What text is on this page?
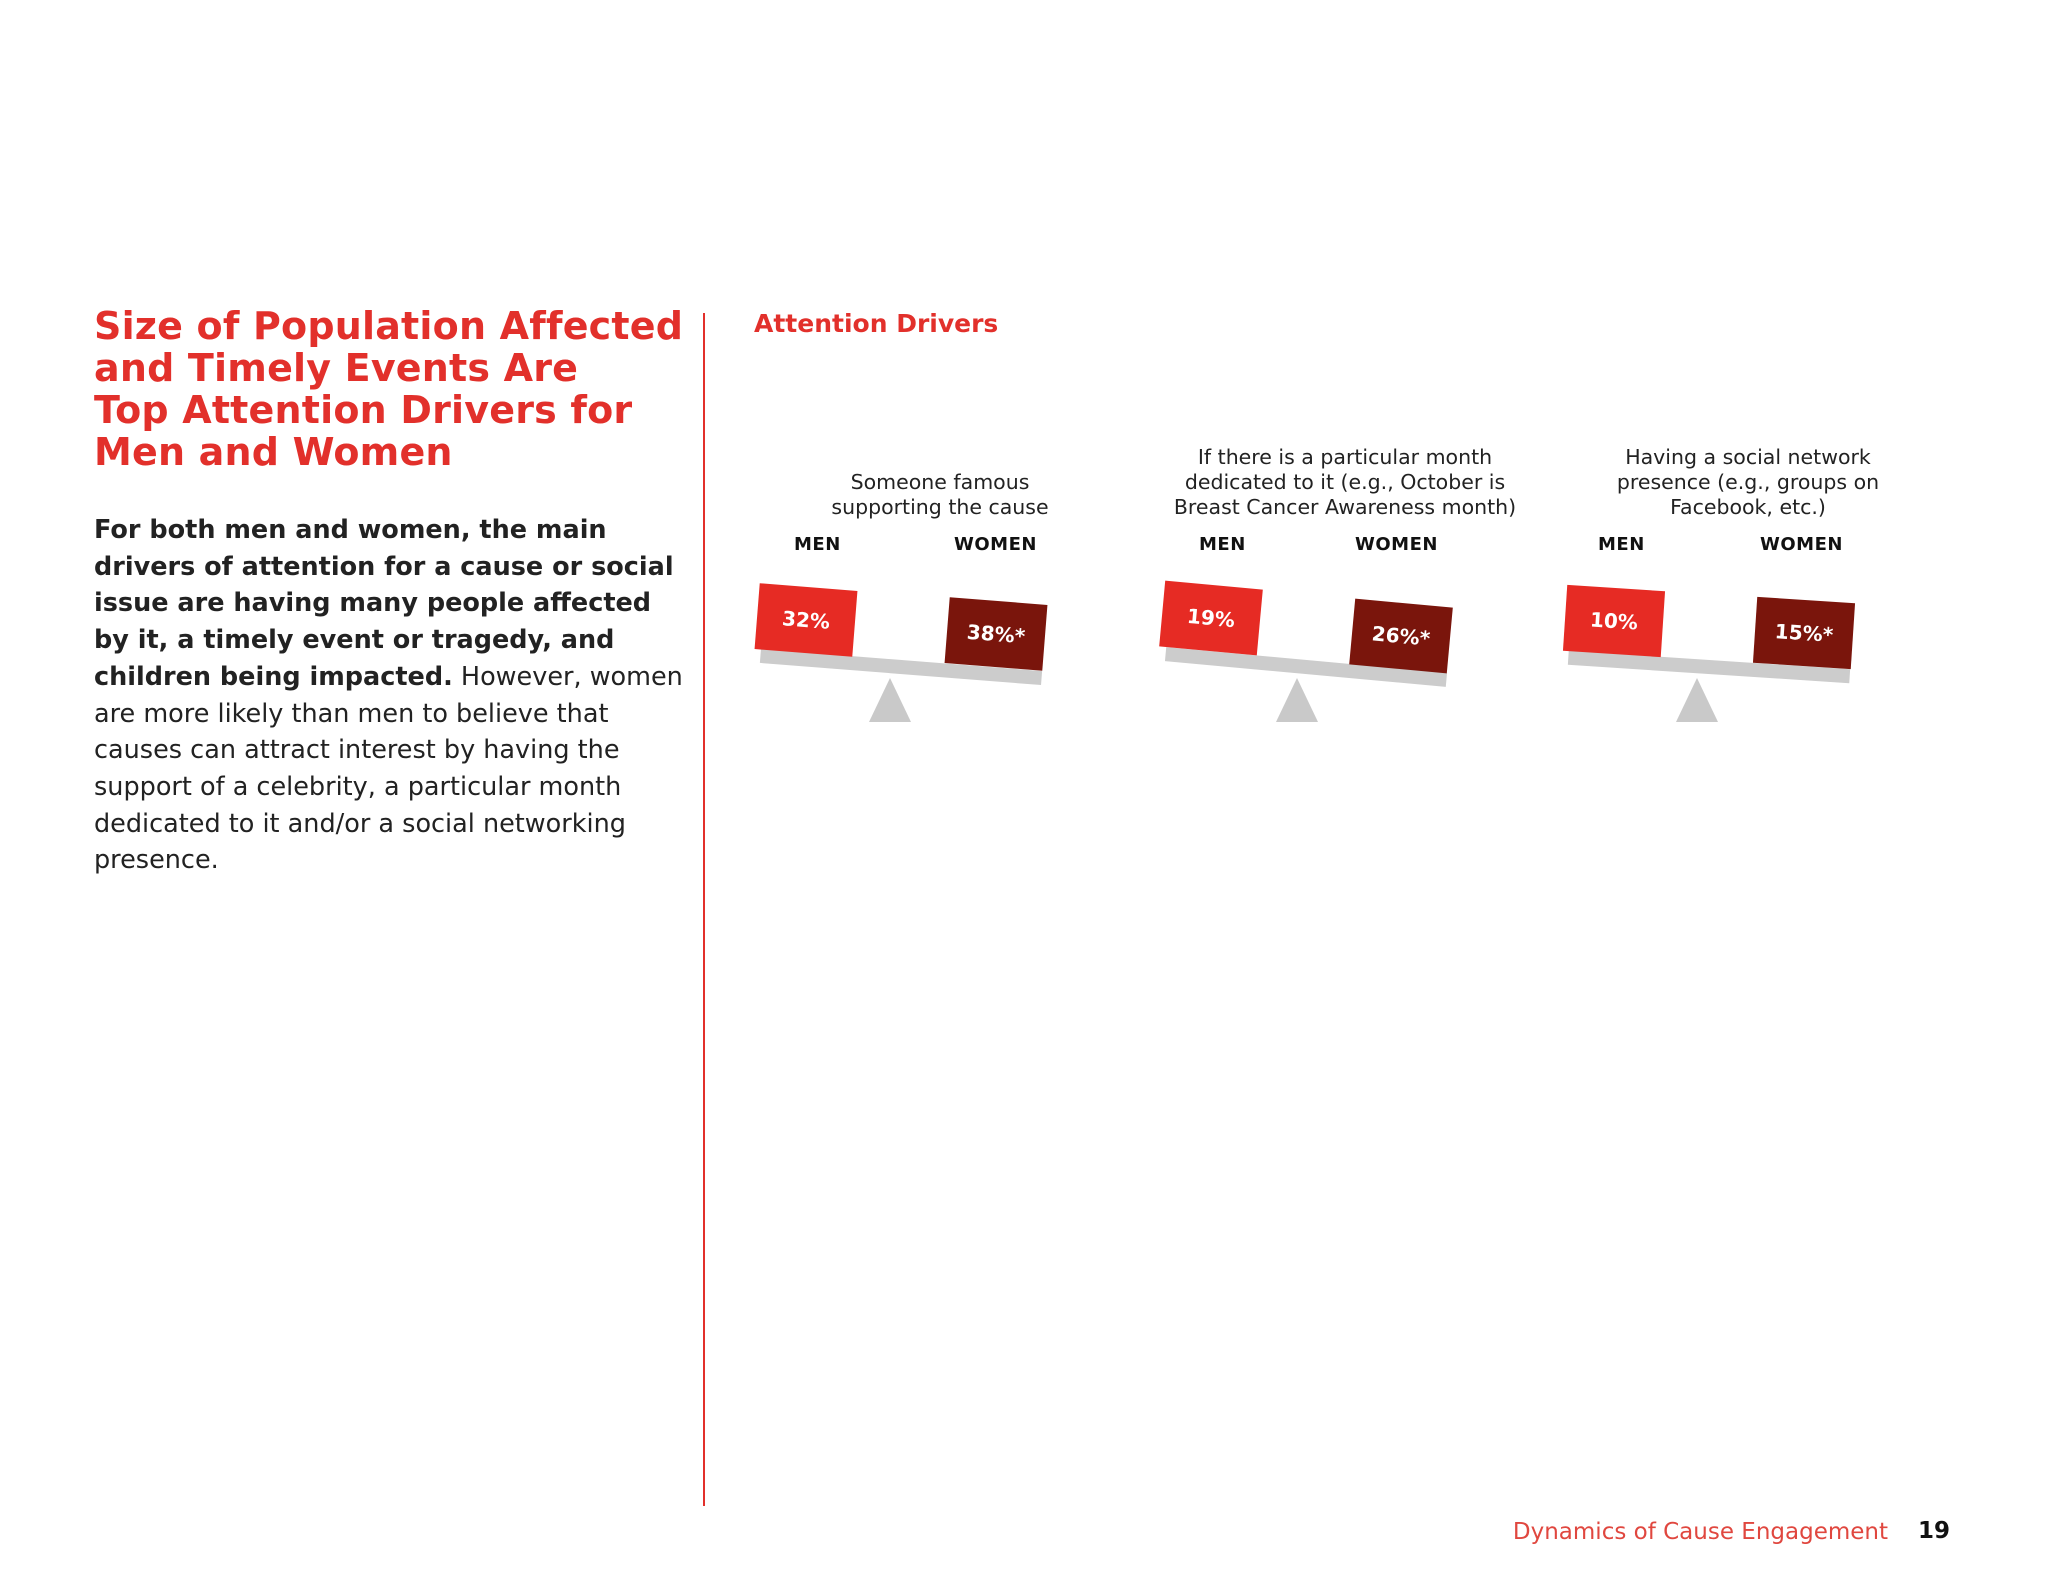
Size of Population Affected
and Timely Events Are
Top Attention Drivers for
Men and Women

For both men and women, the main drivers of attention for a cause or social issue are having many people affected by it, a timely event or tragedy, and children being impacted. However, women are more likely than men to believe that causes can attract interest by having the support of a celebrity, a particular month dedicated to it and/or a social networking presence.

Attention Drivers

Someone famous
supporting the cause

MEN	WOMEN
32%
38%*

If there is a particular month
dedicated to it (e.g., October is
Breast Cancer Awareness month)

MEN	WOMEN
19%
26%*

Having a social network
presence (e.g., groups on
Facebook, etc.)

MEN	WOMEN
10%	15%*
Dynamics of Cause Engagement 19
